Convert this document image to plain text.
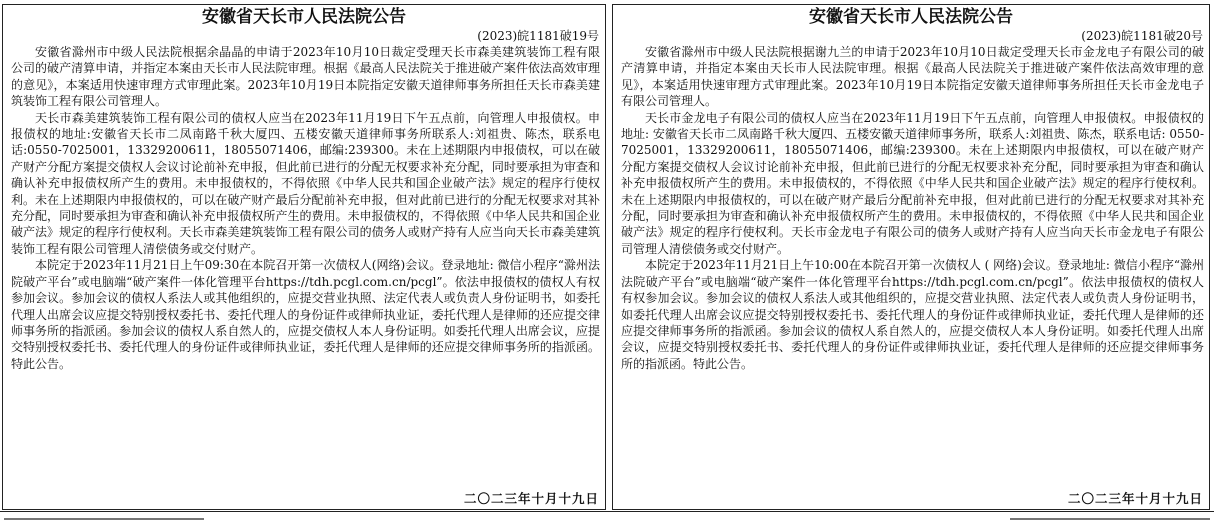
安徽省天长市人民法院公告
(2023)皖1181破19号

安徽省滁州市中级人民法院根据余晶晶的申请于2023年10月10日裁定受理天长市森美建筑装饰工程有限公司的破产清算申请，并指定本案由天长市人民法院审理。根据《最高人民法院关于推进破产案件依法高效审理的意见》，本案适用快速审理方式审理此案。2023年10月19日本院指定安徽天道律师事务所担任天长市森美建筑装饰工程有限公司管理人。

天长市森美建筑装饰工程有限公司的债权人应当在2023年11月19日下午五点前，向管理人申报债权。申报债权的地址:安徽省天长市二凤南路千秋大厦四、五楼安徽天道律师事务所联系人:刘祖贵、陈杰，联系电话:0550-7025001，13329200611，18055071406，邮编:239300。未在上述期限内申报债权，可以在破产财产分配方案提交债权人会议讨论前补充申报，但此前已进行的分配无权要求补充分配，同时要承担为审查和确认补充申报债权所产生的费用。未申报债权的，不得依照《中华人民共和国企业破产法》规定的程序行使权利。未在上述期限内申报债权的，可以在破产财产最后分配前补充申报，但对此前已进行的分配无权要求对其补充分配，同时要承担为审查和确认补充申报债权所产生的费用。未申报债权的，不得依照《中华人民共和国企业破产法》规定的程序行使权利。天长市森美建筑装饰工程有限公司的债务人或财产持有人应当向天长市森美建筑装饰工程有限公司管理人清偿债务或交付财产。

本院定于2023年11月21日上午09:30在本院召开第一次债权人(网络)会议。登录地址: 微信小程序“滁州法院破产平台”或电脑端“破产案件一体化管理平台https://tdh.pcgl.com.cn/pcgl”。依法申报债权的债权人有权参加会议。参加会议的债权人系法人或其他组织的，应提交营业执照、法定代表人或负责人身份证明书，如委托代理人出席会议应提交特别授权委托书、委托代理人的身份证件或律师执业证，委托代理人是律师的还应提交律师事务所的指派函。参加会议的债权人系自然人的，应提交债权人本人身份证明。如委托代理人出席会议，应提交特别授权委托书、委托代理人的身份证件或律师执业证，委托代理人是律师的还应提交律师事务所的指派函。特此公告。

二〇二三年十月十九日
安徽省天长市人民法院公告
(2023)皖1181破20号

安徽省滁州市中级人民法院根据谢九兰的申请于2023年10月10日裁定受理天长市金龙电子有限公司的破产清算申请，并指定本案由天长市人民法院审理。根据《最高人民法院关于推进破产案件依法高效审理的意见》，本案适用快速审理方式审理此案。2023年10月19日本院指定安徽天道律师事务所担任天长市金龙电子有限公司管理人。

天长市金龙电子有限公司的债权人应当在2023年11月19日下午五点前，向管理人申报债权。申报债权的地址: 安徽省天长市二凤南路千秋大厦四、五楼安徽天道律师事务所，联系人:刘祖贵、陈杰，联系电话: 0550-7025001，13329200611，18055071406，邮编:239300。未在上述期限内申报债权，可以在破产财产分配方案提交债权人会议讨论前补充申报，但此前已进行的分配无权要求补充分配，同时要承担为审查和确认补充申报债权所产生的费用。未申报债权的，不得依照《中华人民共和国企业破产法》规定的程序行使权利。未在上述期限内申报债权的，可以在破产财产最后分配前补充申报，但对此前已进行的分配无权要求对其补充分配，同时要承担为审查和确认补充申报债权所产生的费用。未申报债权的，不得依照《中华人民共和国企业破产法》规定的程序行使权利。天长市金龙电子有限公司的债务人或财产持有人应当向天长市金龙电子有限公司管理人清偿债务或交付财产。

本院定于2023年11月21日上午10:00在本院召开第一次债权人 ( 网络)会议。登录地址: 微信小程序“滁州法院破产平台”或电脑端“破产案件一体化管理平台https://tdh.pcgl.com.cn/pcgl”。依法申报债权的债权人有权参加会议。参加会议的债权人系法人或其他组织的，应提交营业执照、法定代表人或负责人身份证明书，如委托代理人出席会议应提交特别授权委托书、委托代理人的身份证件或律师执业证，委托代理人是律师的还应提交律师事务所的指派函。参加会议的债权人系自然人的，应提交债权人本人身份证明。如委托代理人出席会议，应提交特别授权委托书、委托代理人的身份证件或律师执业证，委托代理人是律师的还应提交律师事务所的指派函。特此公告。

二〇二三年十月十九日
